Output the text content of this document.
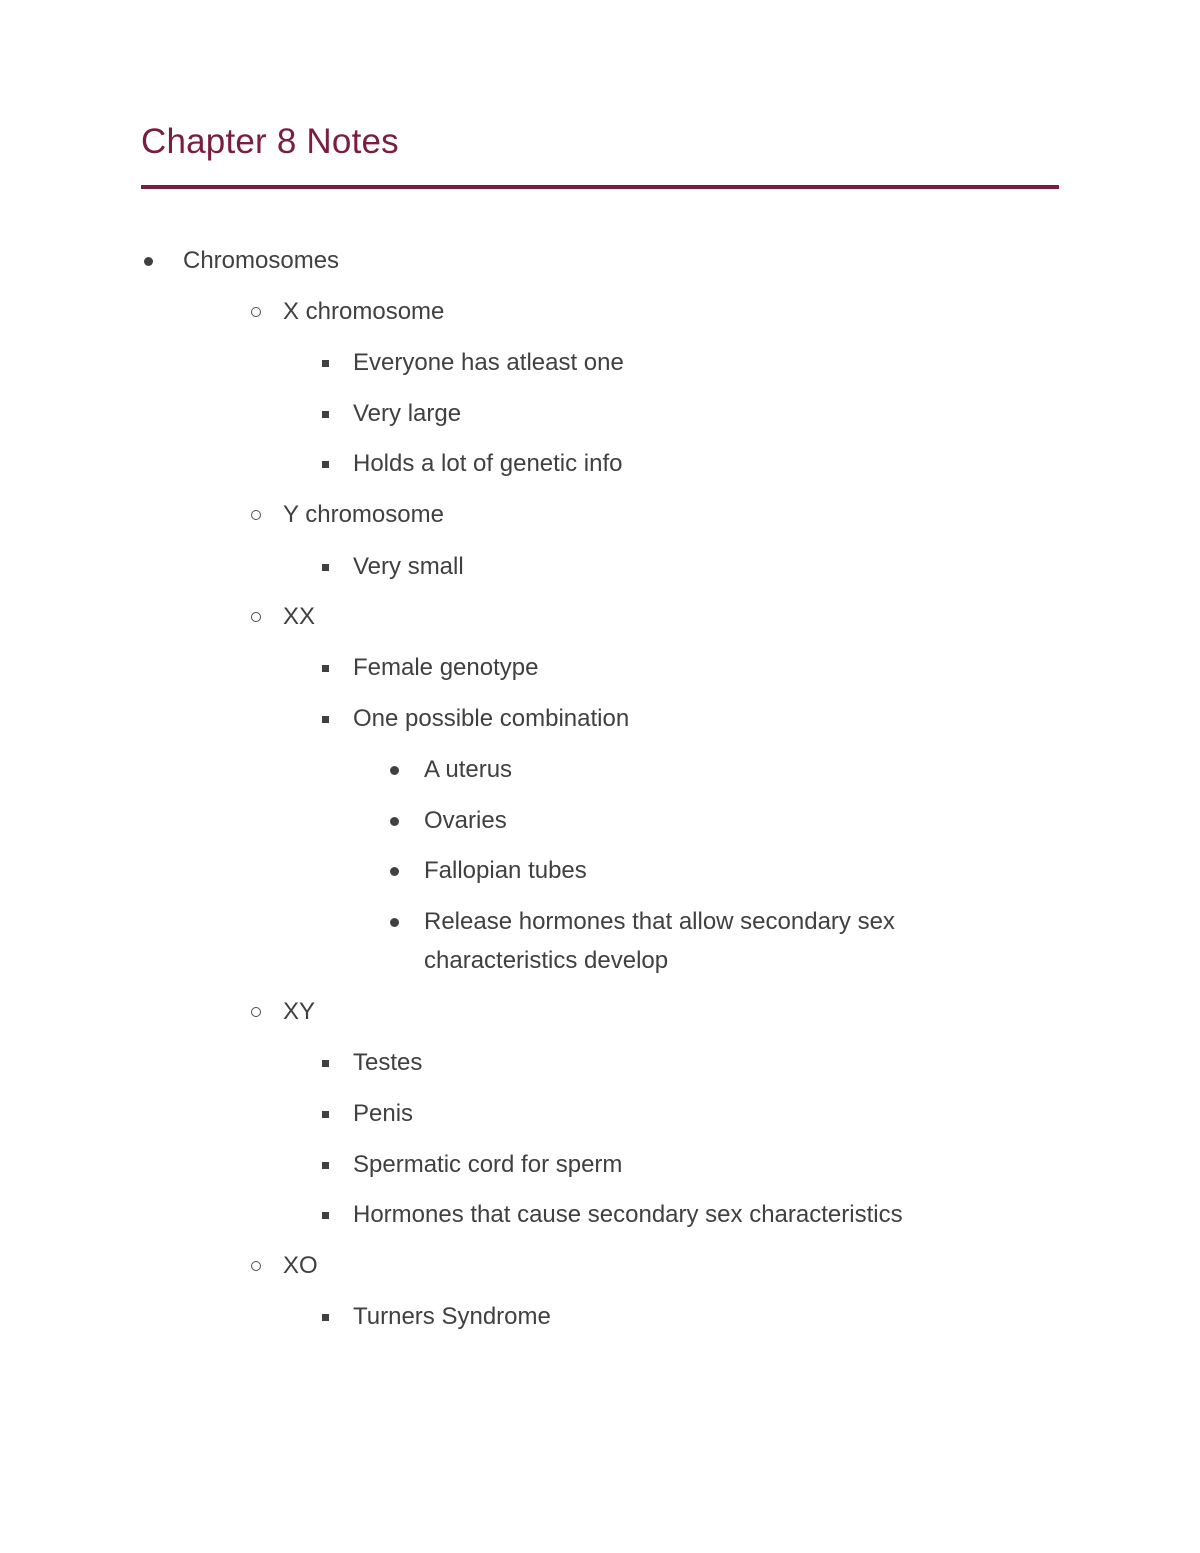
Chapter 8 Notes
Chromosomes
X chromosome
Everyone has atleast one
Very large
Holds a lot of genetic info
Y chromosome
Very small
XX
Female genotype
One possible combination
A uterus
Ovaries
Fallopian tubes
Release hormones that allow secondary sex
characteristics develop
XY
Testes
Penis
Spermatic cord for sperm
Hormones that cause secondary sex characteristics
XO
Turners Syndrome
